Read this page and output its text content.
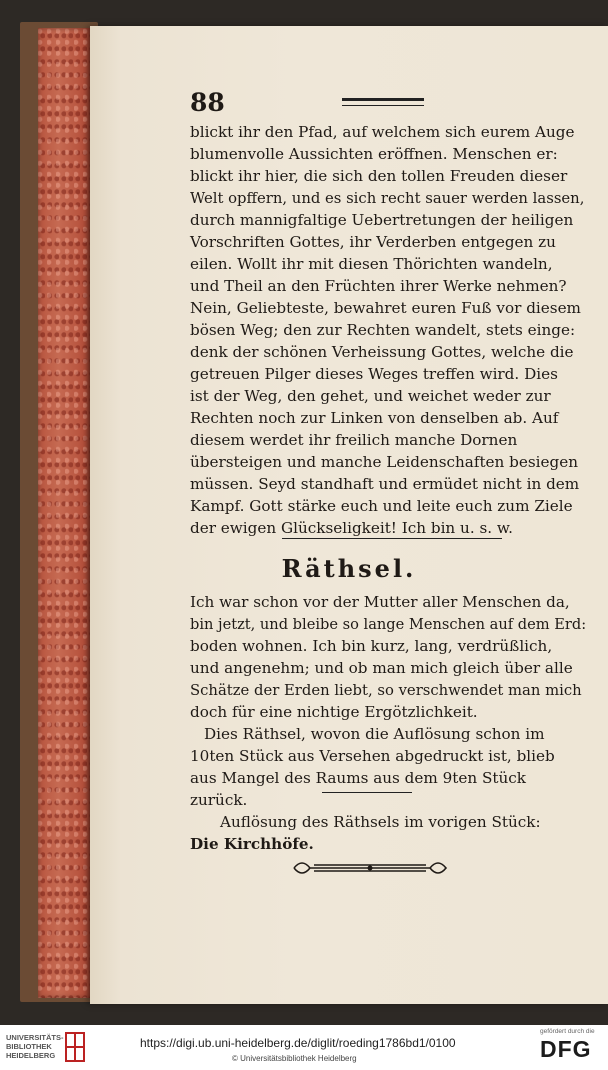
88
blickt ihr den Pfad, auf welchem sich eurem Auge
blumenvolle Aussichten eröffnen. Menschen er:
blickt ihr hier, die sich den tollen Freuden dieser
Welt opffern, und es sich recht sauer werden lassen,
durch mannigfaltige Uebertretungen der heiligen
Vorschriften Gottes, ihr Verderben entgegen zu
eilen. Wollt ihr mit diesen Thörichten wandeln,
und Theil an den Früchten ihrer Werke nehmen?
Nein, Geliebteste, bewahret euren Fuß vor diesem
bösen Weg; den zur Rechten wandelt, stets einge:
denk der schönen Verheissung Gottes, welche die
getreuen Pilger dieses Weges treffen wird. Dies
ist der Weg, den gehet, und weichet weder zur
Rechten noch zur Linken von denselben ab. Auf
diesem werdet ihr freilich manche Dornen
übersteigen und manche Leidenschaften besiegen
müssen. Seyd standhaft und ermüdet nicht in dem
Kampf. Gott stärke euch und leite euch zum Ziele
der ewigen Glückseligkeit! Ich bin u. s. w.
Räthsel.
Ich war schon vor der Mutter aller Menschen da,
bin jetzt, und bleibe so lange Menschen auf dem Erd:
boden wohnen. Ich bin kurz, lang, verdrüßlich,
und angenehm; und ob man mich gleich über alle
Schätze der Erden liebt, so verschwendet man mich
doch für eine nichtige Ergötzlichkeit.
Dies Räthsel, wovon die Auflösung schon im
10ten Stück aus Versehen abgedruckt ist, blieb
aus Mangel des Raums aus dem 9ten Stück
zurück.
Auflösung des Räthsels im vorigen Stück:
Die Kirchhöfe.
UNIVERSITÄTS-
BIBLIOTHEK
HEIDELBERG
https://digi.ub.uni-heidelberg.de/diglit/roeding1786bd1/0100
© Universitätsbibliothek Heidelberg
gefördert durch die
DFG
